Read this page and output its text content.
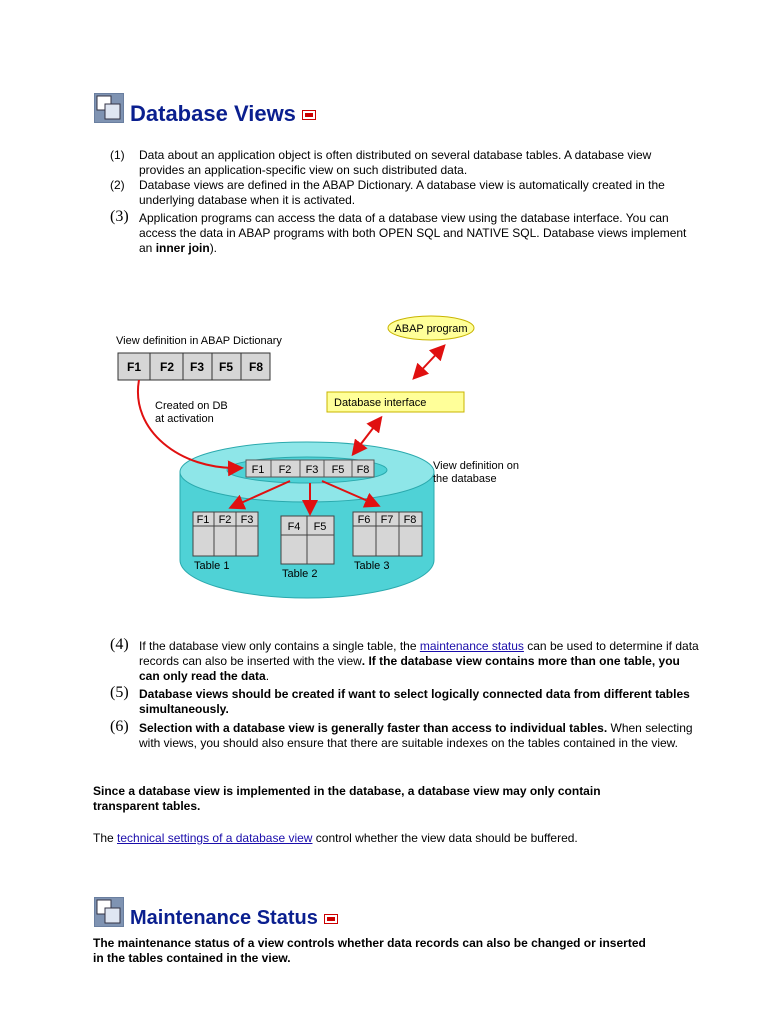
Database Views
(1) Data about an application object is often distributed on several database tables. A database view provides an application-specific view on such distributed data.
(2) Database views are defined in the ABAP Dictionary. A database view is automatically created in the underlying database when it is activated.
(3) Application programs can access the data of a database view using the database interface. You can access the data in ABAP programs with both OPEN SQL and NATIVE SQL. Database views implement an inner join).
View definition in ABAP Dictionary
F1 F2 F3 F5 F8
Created on DB
at activation
ABAP program
Database interface
F1 F2 F3 F5 F8	View definition on
the database
F1 F2 F3
Table 1
F4 F5
Table 2
F6 F7 F8
Table 3
(4) If the database view only contains a single table, the maintenance status can be used to determine if data records can also be inserted with the view. If the database view contains more than one table, you can only read the data.
(5) Database views should be created if want to select logically connected data from different tables simultaneously.
(6) Selection with a database view is generally faster than access to individual tables. When selecting with views, you should also ensure that there are suitable indexes on the tables contained in the view.
Since a database view is implemented in the database, a database view may only contain transparent tables.
The technical settings of a database view control whether the view data should be buffered.
Maintenance Status
The maintenance status of a view controls whether data records can also be changed or inserted in the tables contained in the view.
